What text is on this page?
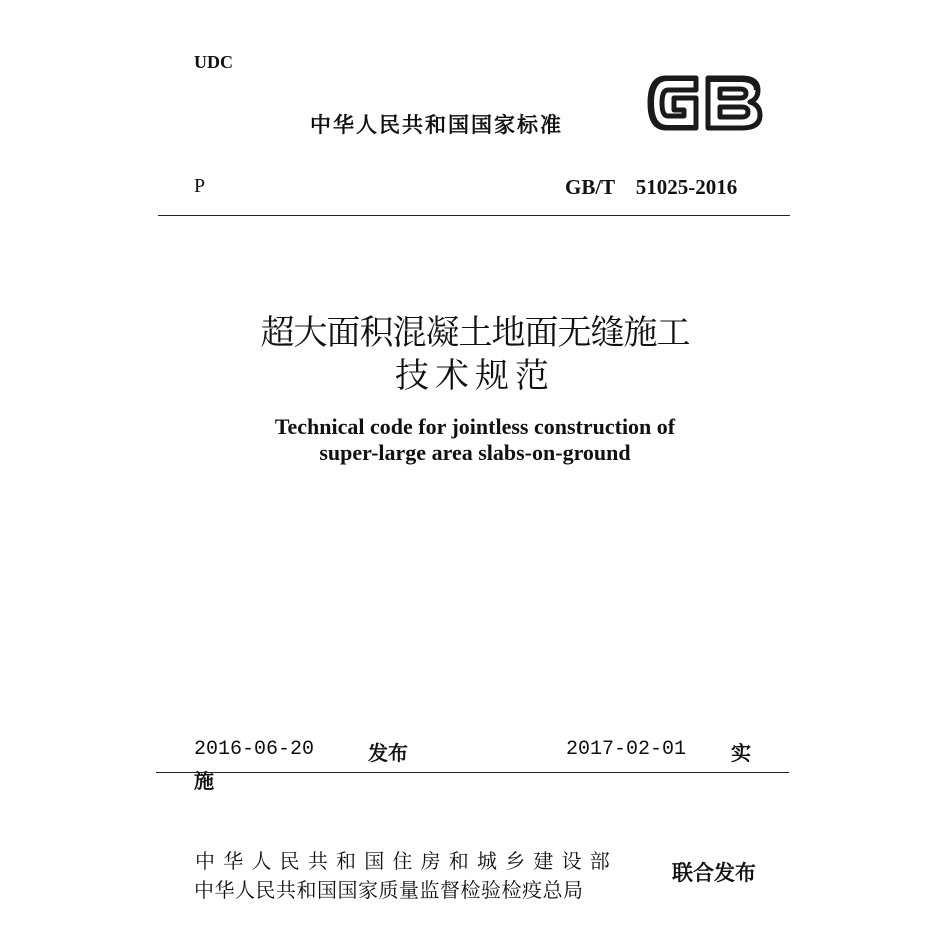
UDC
中华人民共和国国家标准
P	GB/T    51025-2016
超大面积混凝土地面无缝施工
技术规范
Technical code for jointless construction of
super-large area slabs-on-ground
2016-06-20	发布	2017-02-01 实
施
中华人民共和国住房和城乡建设部
中华人民共和国国家质量监督检验检疫总局
联合发布
